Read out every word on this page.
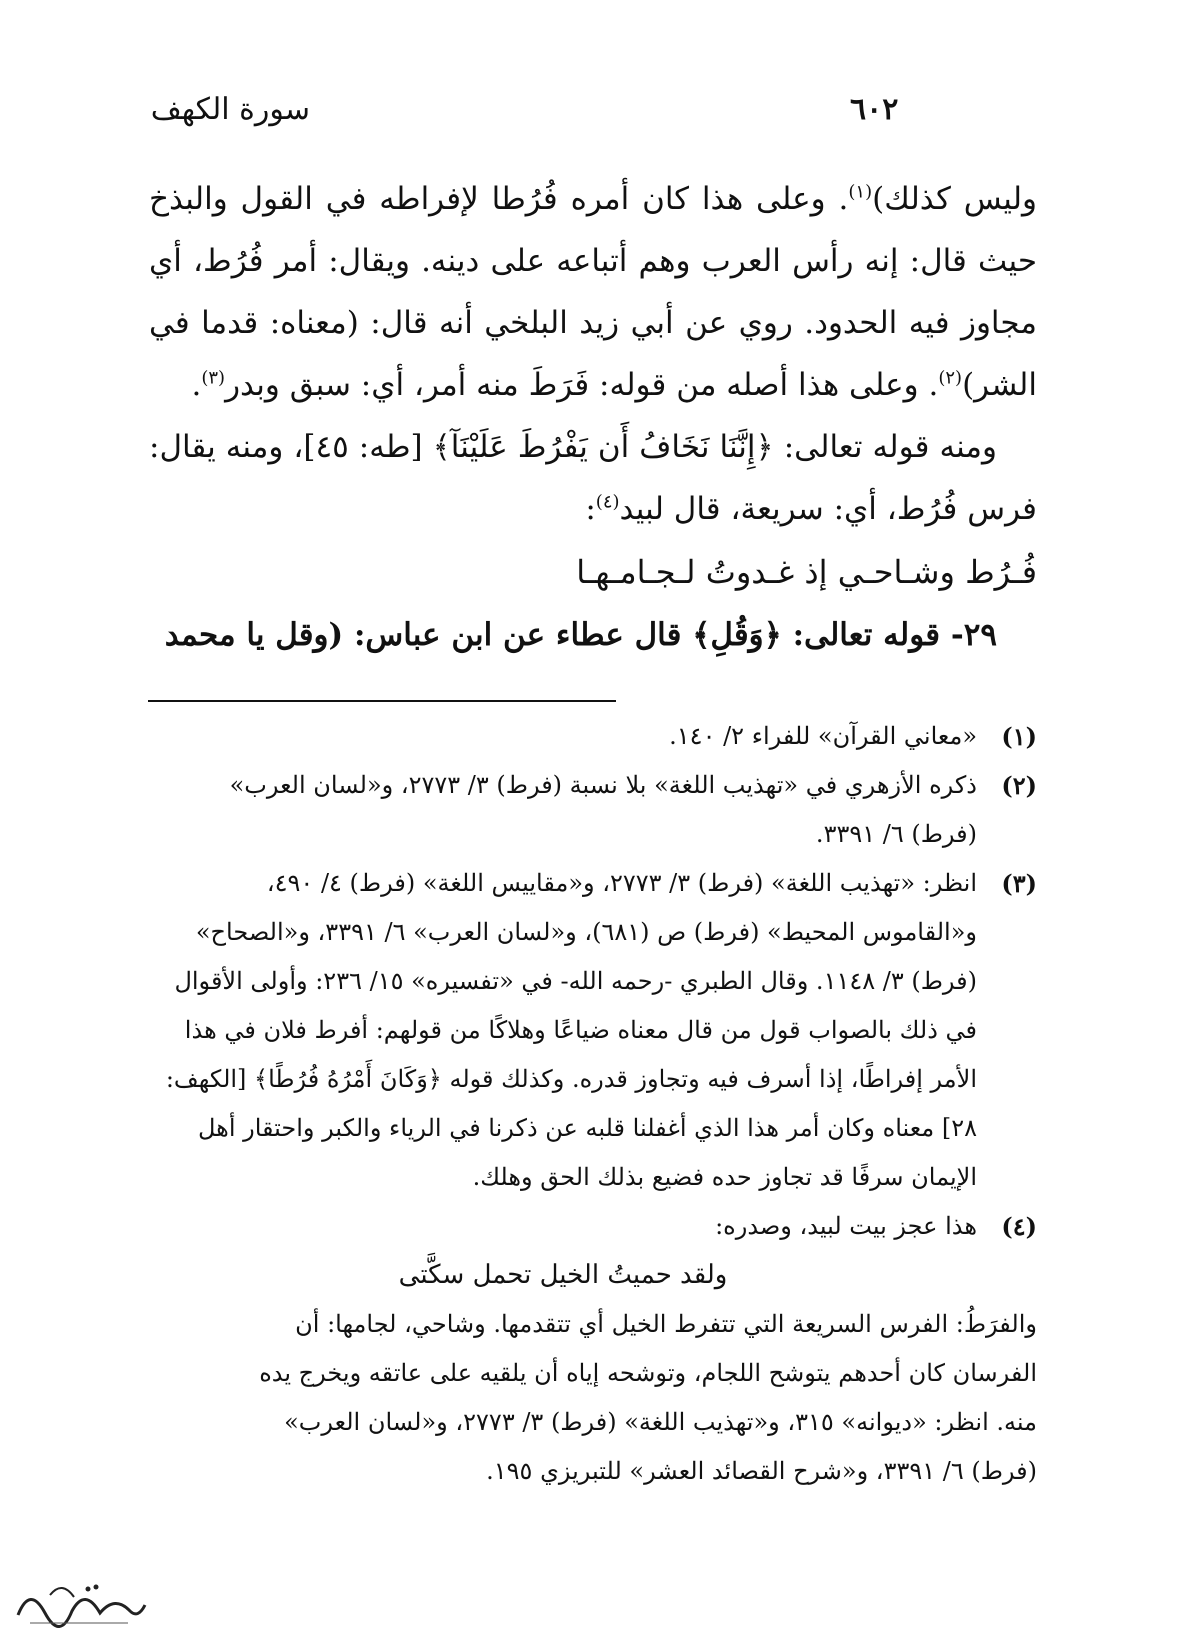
سورة الكهف	٦٠٢

وليس كذلك)$^{(١)}$. وعلى هذا كان أمره فُرُطا لإفراطه في القول والبذخ حيث قال: إنه رأس العرب وهم أتباعه على دينه. ويقال: أمر فُرُط، أي مجاوز فيه الحدود. روي عن أبي زيد البلخي أنه قال: (معناه: قدما في الشر)$^{(٢)}$. وعلى هذا أصله من قوله: فَرَطَ منه أمر، أي: سبق وبدر$^{(٣)}$.

ومنه قوله تعالى: ﴿إِنَّنَا نَخَافُ أَن يَفْرُطَ عَلَيْنَآ﴾ [طه: ٤٥]، ومنه يقال: فرس فُرُط، أي: سريعة، قال لبيد$^{(٤)}$:

فُـرُط وشـاحـي إذ غـدوتُ لـجـامـهـا

٢٩- قوله تعالى: ﴿وَقُلِ﴾ قال عطاء عن ابن عباس: (وقل يا محمد

(١)
«معاني القرآن» للفراء ٢/ ١٤٠.
(٢)
ذكره الأزهري في «تهذيب اللغة» بلا نسبة (فرط) ٣/ ٢٧٧٣، و«لسان العرب»
(فرط) ٦/ ٣٣٩١.
(٣)
انظر: «تهذيب اللغة» (فرط) ٣/ ٢٧٧٣، و«مقاييس اللغة» (فرط) ٤/ ٤٩٠،
و«القاموس المحيط» (فرط) ص (٦٨١)، و«لسان العرب» ٦/ ٣٣٩١، و«الصحاح»
(فرط) ٣/ ١١٤٨. وقال الطبري -رحمه الله- في «تفسيره» ١٥/ ٢٣٦: وأولى الأقوال
في ذلك بالصواب قول من قال معناه ضياعًا وهلاكًا من قولهم: أفرط فلان في هذا
الأمر إفراطًا، إذا أسرف فيه وتجاوز قدره. وكذلك قوله ﴿وَكَانَ أَمْرُهُ فُرُطًا﴾ [الكهف:
٢٨] معناه وكان أمر هذا الذي أغفلنا قلبه عن ذكرنا في الرياء والكبر واحتقار أهل
الإيمان سرفًا قد تجاوز حده فضيع بذلك الحق وهلك.
(٤)
هذا عجز بيت لبيد، وصدره:
ولقد حميتُ الخيل تحمل سكَّتى
والفرَطُ: الفرس السريعة التي تتفرط الخيل أي تتقدمها. وشاحي، لجامها: أن
الفرسان كان أحدهم يتوشح اللجام، وتوشحه إياه أن يلقيه على عاتقه ويخرج يده
منه. انظر: «ديوانه» ٣١٥، و«تهذيب اللغة» (فرط) ٣/ ٢٧٧٣، و«لسان العرب»
(فرط) ٦/ ٣٣٩١، و«شرح القصائد العشر» للتبريزي ١٩٥.
